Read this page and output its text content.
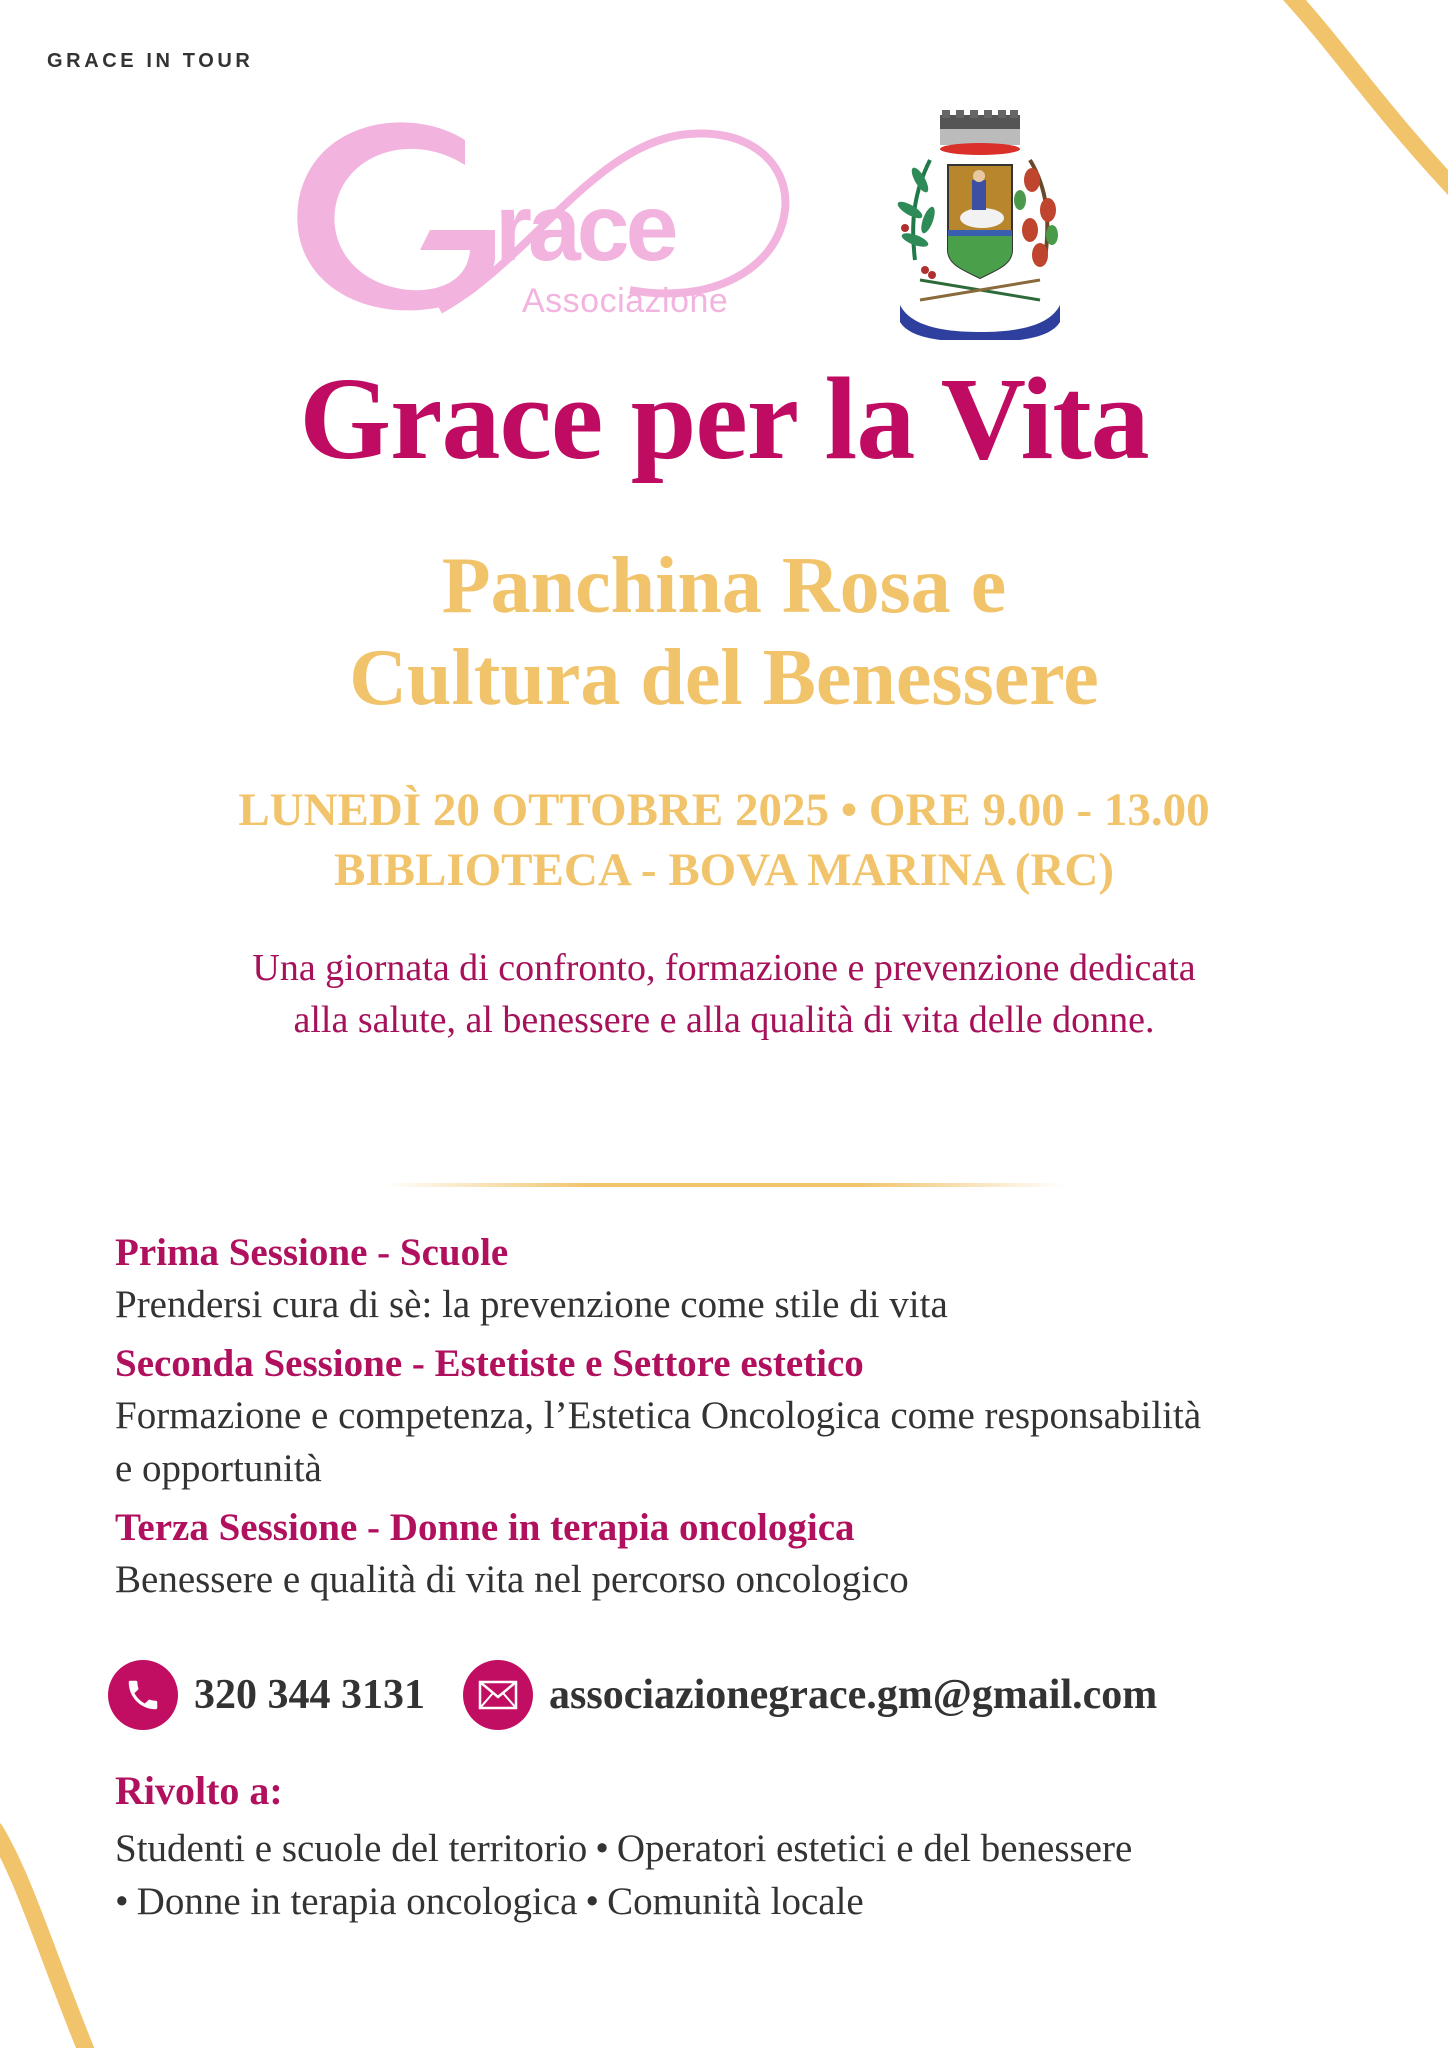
GRACE IN TOUR
race
Associazione
BOVA MARINA
Grace per la Vita
Panchina Rosa e
Cultura del Benessere
LUNEDÌ 20 OTTOBRE 2025 • ORE 9.00 - 13.00
BIBLIOTECA - BOVA MARINA (RC)
Una giornata di confronto, formazione e prevenzione dedicata
alla salute, al benessere e alla qualità di vita delle donne.
Prima Sessione - Scuole
Prendersi cura di sè: la prevenzione come stile di vita
Seconda Sessione - Estetiste e Settore estetico
Formazione e competenza, l’Estetica Oncologica come responsabilità e opportunità
Terza Sessione - Donne in terapia oncologica
Benessere e qualità di vita nel percorso oncologico
320 344 3131	associazionegrace.gm@gmail.com
Rivolto a:
Studenti e scuole del territorio • Operatori estetici e del benessere
• Donne in terapia oncologica • Comunità locale
